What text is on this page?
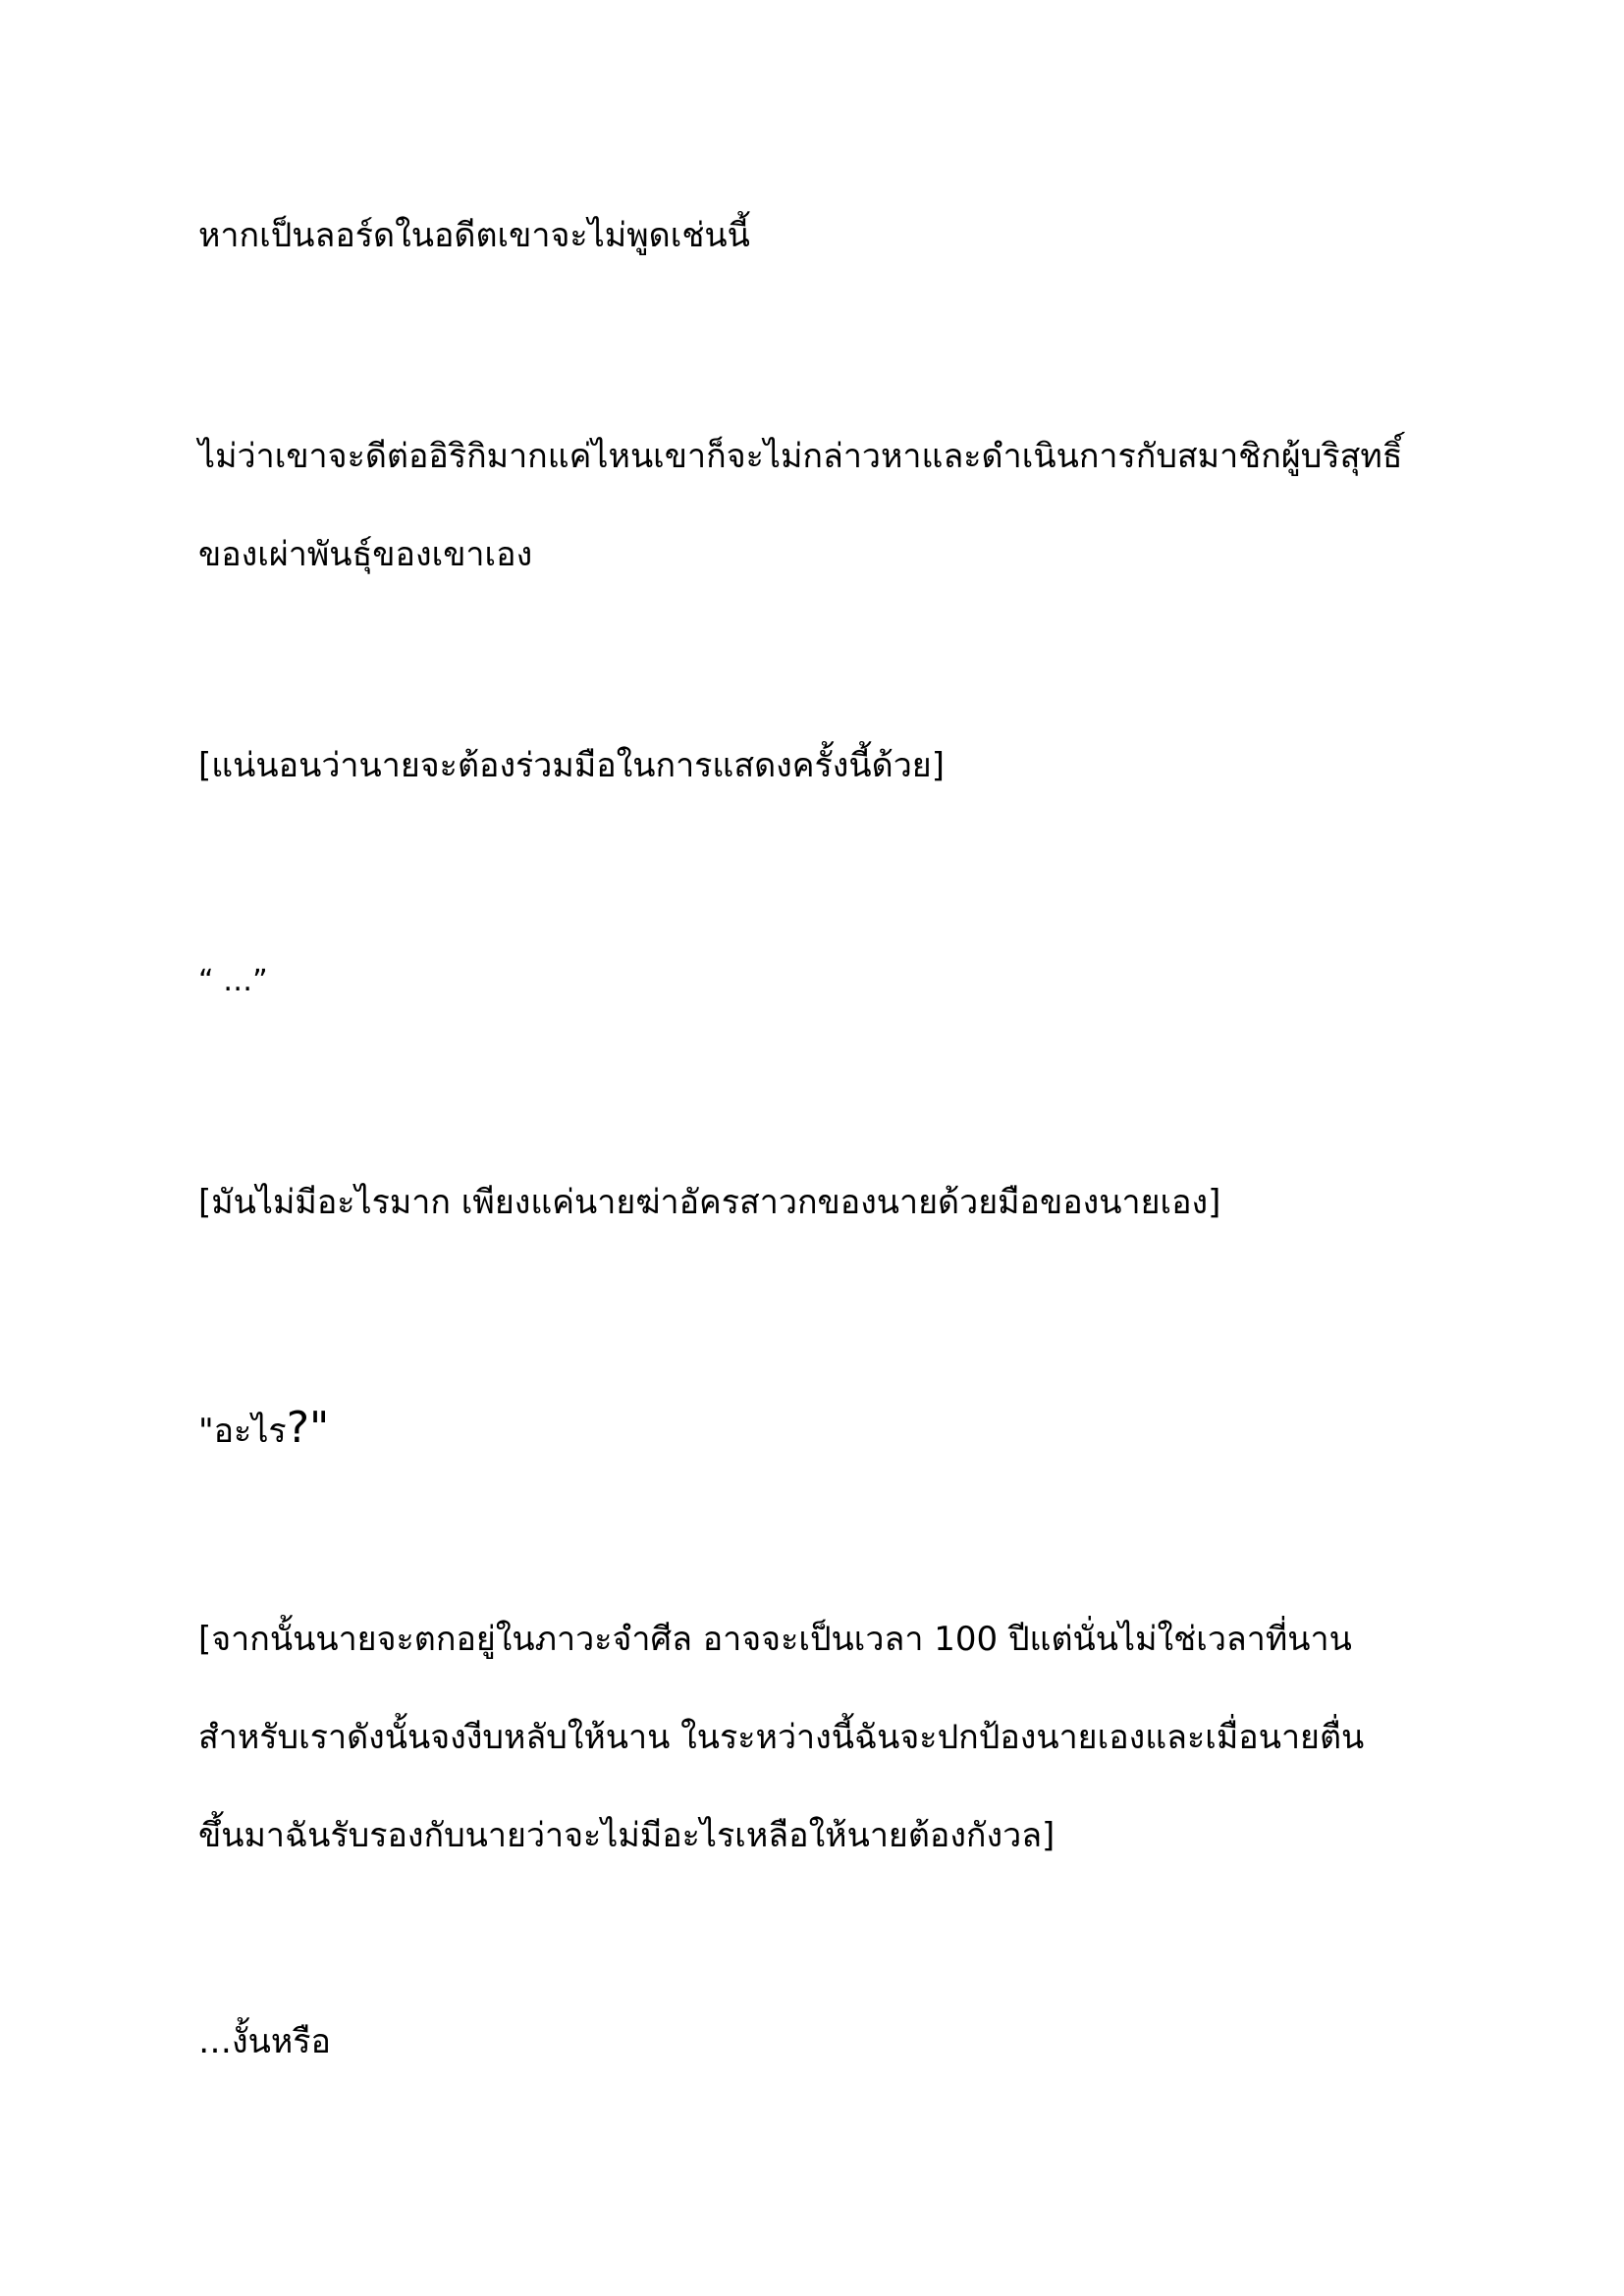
หากเป็นลอร์ดในอดีตเขาจะไม่พูดเช่นนี้

ไม่ว่าเขาจะดีต่ออิริกิมากแค่ไหนเขาก็จะไม่กล่าวหาและดำเนินการกับสมาชิกผู้บริสุทธิ์
ของเผ่าพันธุ์ของเขาเอง

[แน่นอนว่านายจะต้องร่วมมือในการแสดงครั้งนี้ด้วย]

“ …”

[มันไม่มีอะไรมาก เพียงแค่นายฆ่าอัครสาวกของนายด้วยมือของนายเอง]

"อะไร?"

[จากนั้นนายจะตกอยู่ในภาวะจำศีล อาจจะเป็นเวลา 100 ปีแต่นั่นไม่ใช่เวลาที่นาน
สำหรับเราดังนั้นจงงีบหลับให้นาน ในระหว่างนี้ฉันจะปกป้องนายเองและเมื่อนายตื่น
ขึ้นมาฉันรับรองกับนายว่าจะไม่มีอะไรเหลือให้นายต้องกังวล]

…งั้นหรือ
